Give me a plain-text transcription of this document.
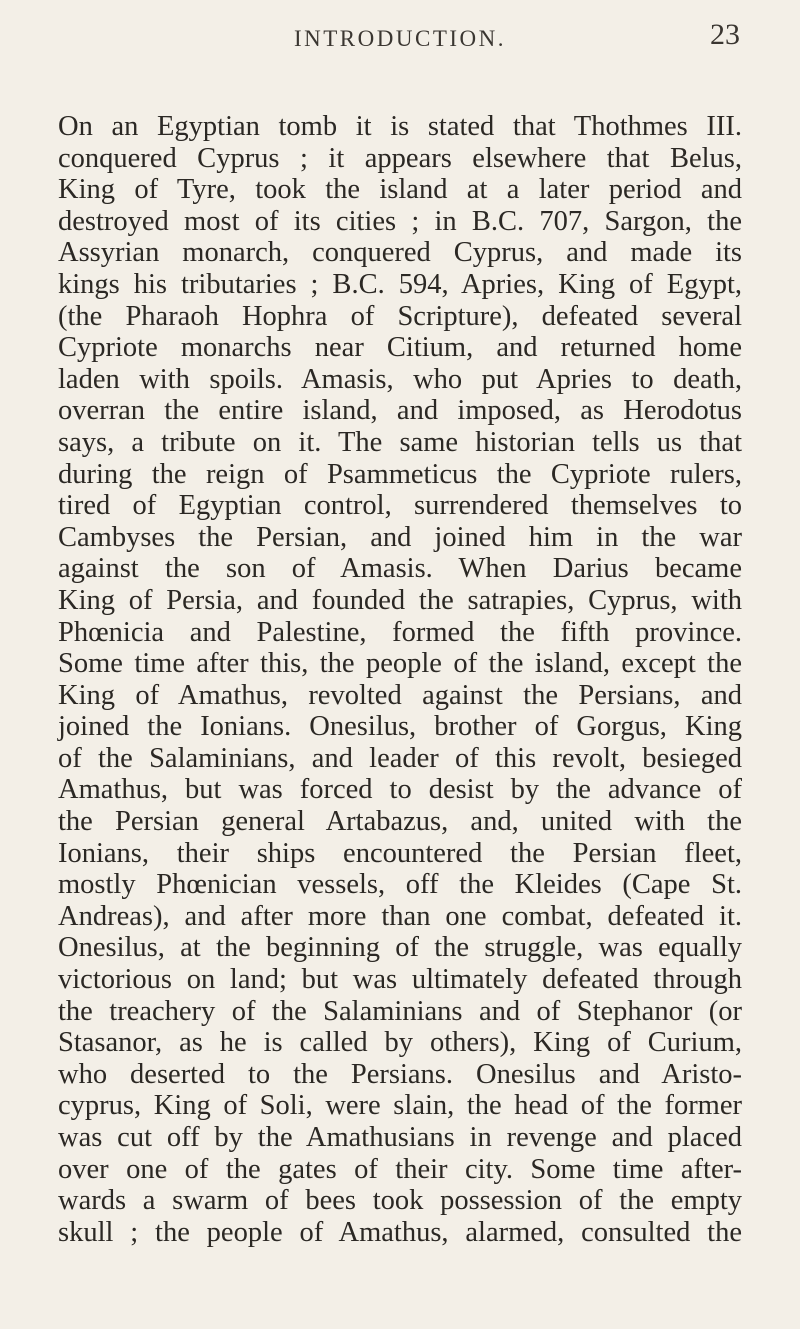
INTRODUCTION.	23
On an Egyptian tomb it is stated that Thothmes III.
conquered Cyprus ; it appears elsewhere that Belus,
King of Tyre, took the island at a later period and
destroyed most of its cities ; in B.C. 707, Sargon, the
Assyrian monarch, conquered Cyprus, and made its
kings his tributaries ; B.C. 594, Apries, King of Egypt,
(the Pharaoh Hophra of Scripture), defeated several
Cypriote monarchs near Citium, and returned home
laden with spoils. Amasis, who put Apries to death,
overran the entire island, and imposed, as Herodotus
says, a tribute on it. The same historian tells us that
during the reign of Psammeticus the Cypriote rulers,
tired of Egyptian control, surrendered themselves to
Cambyses the Persian, and joined him in the war
against the son of Amasis. When Darius became
King of Persia, and founded the satrapies, Cyprus, with
Phœnicia and Palestine, formed the fifth province.
Some time after this, the people of the island, except the
King of Amathus, revolted against the Persians, and
joined the Ionians. Onesilus, brother of Gorgus, King
of the Salaminians, and leader of this revolt, besieged
Amathus, but was forced to desist by the advance of
the Persian general Artabazus, and, united with the
Ionians, their ships encountered the Persian fleet,
mostly Phœnician vessels, off the Kleides (Cape St.
Andreas), and after more than one combat, defeated it.
Onesilus, at the beginning of the struggle, was equally
victorious on land; but was ultimately defeated through
the treachery of the Salaminians and of Stephanor (or
Stasanor, as he is called by others), King of Curium,
who deserted to the Persians. Onesilus and Aristo-
cyprus, King of Soli, were slain, the head of the former
was cut off by the Amathusians in revenge and placed
over one of the gates of their city. Some time after-
wards a swarm of bees took possession of the empty
skull ; the people of Amathus, alarmed, consulted the
